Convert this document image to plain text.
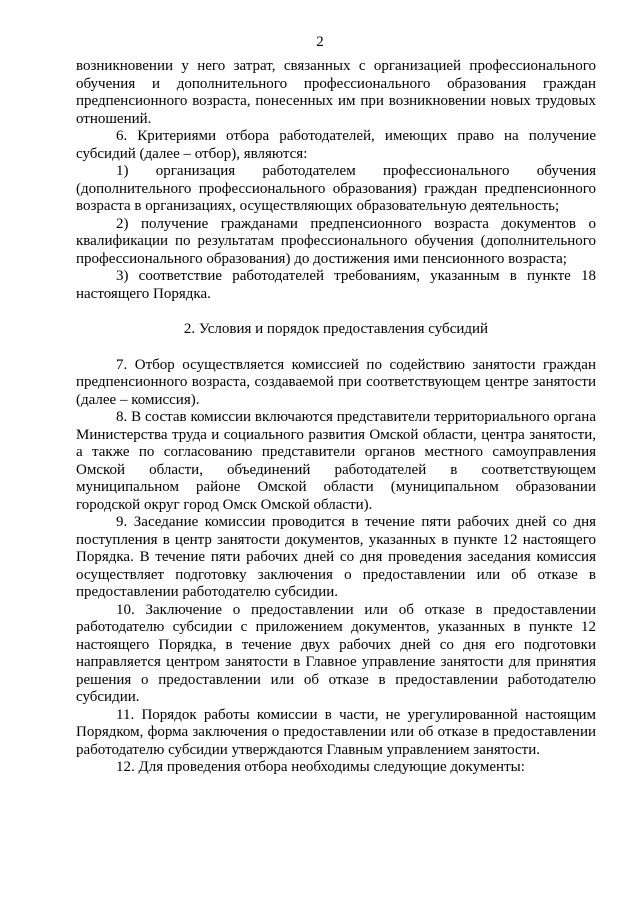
2

возникновении у него затрат, связанных с организацией профессионального обучения и дополнительного профессионального образования граждан предпенсионного возраста, понесенных им при возникновении новых трудовых отношений.

6. Критериями отбора работодателей, имеющих право на получение субсидий (далее – отбор), являются:

1) организация работодателем профессионального обучения (дополнительного профессионального образования) граждан предпенсионного возраста в организациях, осуществляющих образовательную деятельность;

2) получение гражданами предпенсионного возраста документов о квалификации по результатам профессионального обучения (дополнительного профессионального образования) до достижения ими пенсионного возраста;

3) соответствие работодателей требованиям, указанным в пункте 18 настоящего Порядка.

2. Условия и порядок предоставления субсидий

7. Отбор осуществляется комиссией по содействию занятости граждан предпенсионного возраста, создаваемой при соответствующем центре занятости (далее – комиссия).

8. В состав комиссии включаются представители территориального органа Министерства труда и социального развития Омской области, центра занятости, а также по согласованию представители органов местного самоуправления Омской области, объединений работодателей в соответствующем муниципальном районе Омской области (муниципальном образовании городской округ город Омск Омской области).

9. Заседание комиссии проводится в течение пяти рабочих дней со дня поступления в центр занятости документов, указанных в пункте 12 настоящего Порядка. В течение пяти рабочих дней со дня проведения заседания комиссия осуществляет подготовку заключения о предоставлении или об отказе в предоставлении работодателю субсидии.

10. Заключение о предоставлении или об отказе в предоставлении работодателю субсидии с приложением документов, указанных в пункте 12 настоящего Порядка, в течение двух рабочих дней со дня его подготовки направляется центром занятости в Главное управление занятости для принятия решения о предоставлении или об отказе в предоставлении работодателю субсидии.

11. Порядок работы комиссии в части, не урегулированной настоящим Порядком, форма заключения о предоставлении или об отказе в предоставлении работодателю субсидии утверждаются Главным управлением занятости.

12. Для проведения отбора необходимы следующие документы:
